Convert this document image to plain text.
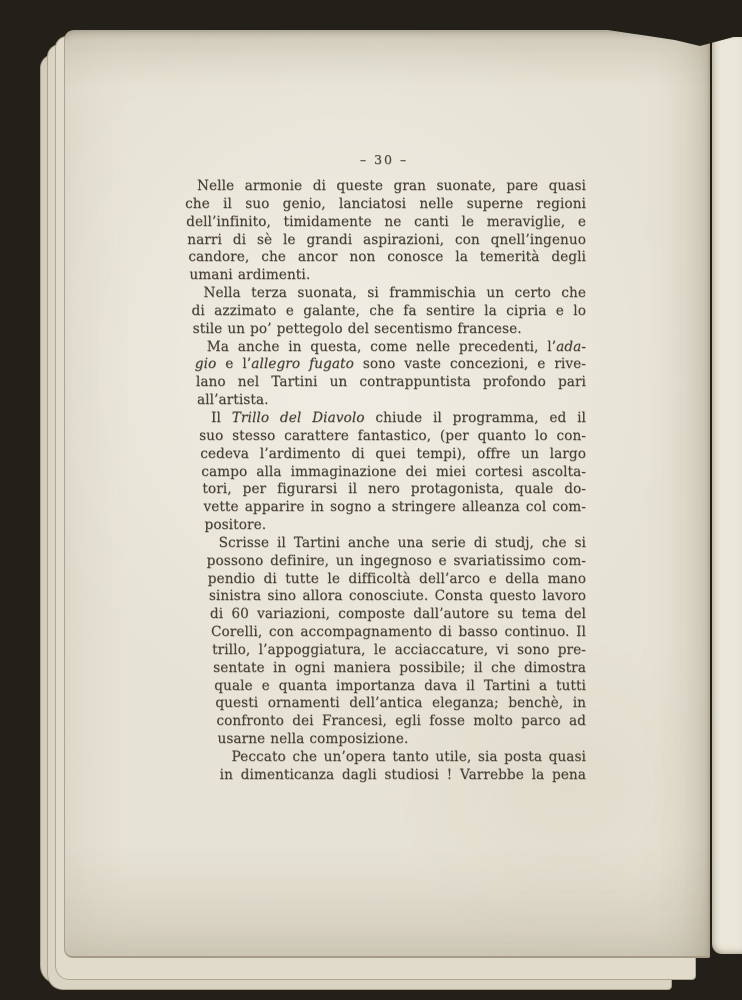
– 30 –
Nelle armonie di queste gran suonate, pare quasi
che il suo genio, lanciatosi nelle superne regioni
dell’infinito, timidamente ne canti le meraviglie, e
narri di sè le grandi aspirazioni, con qnell’ingenuo
candore, che ancor non conosce la temerità degli
umani ardimenti.
Nella terza suonata, si frammischia un certo che
di azzimato e galante, che fa sentire la cipria e lo
stile un po’ pettegolo del secentismo francese.
Ma anche in questa, come nelle precedenti, l’ada-
gio e l’allegro fugato sono vaste concezioni, e rive-
lano nel Tartini un contrappuntista profondo pari
all’artista.
Il Trillo del Diavolo chiude il programma, ed il
suo stesso carattere fantastico, (per quanto lo con-
cedeva l’ardimento di quei tempi), offre un largo
campo alla immaginazione dei miei cortesi ascolta-
tori, per figurarsi il nero protagonista, quale do-
vette apparire in sogno a stringere alleanza col com-
positore.
Scrisse il Tartini anche una serie di studj, che si
possono definire, un ingegnoso e svariatissimo com-
pendio di tutte le difficoltà dell’arco e della mano
sinistra sino allora conosciute. Consta questo lavoro
di 60 variazioni, composte dall’autore su tema del
Corelli, con accompagnamento di basso continuo. Il
trillo, l’appoggiatura, le acciaccature, vi sono pre-
sentate in ogni maniera possibile; il che dimostra
quale e quanta importanza dava il Tartini a tutti
questi ornamenti dell’antica eleganza; benchè, in
confronto dei Francesi, egli fosse molto parco ad
usarne nella composizione.
Peccato che un’opera tanto utile, sia posta quasi
in dimenticanza dagli studiosi ! Varrebbe la pena
